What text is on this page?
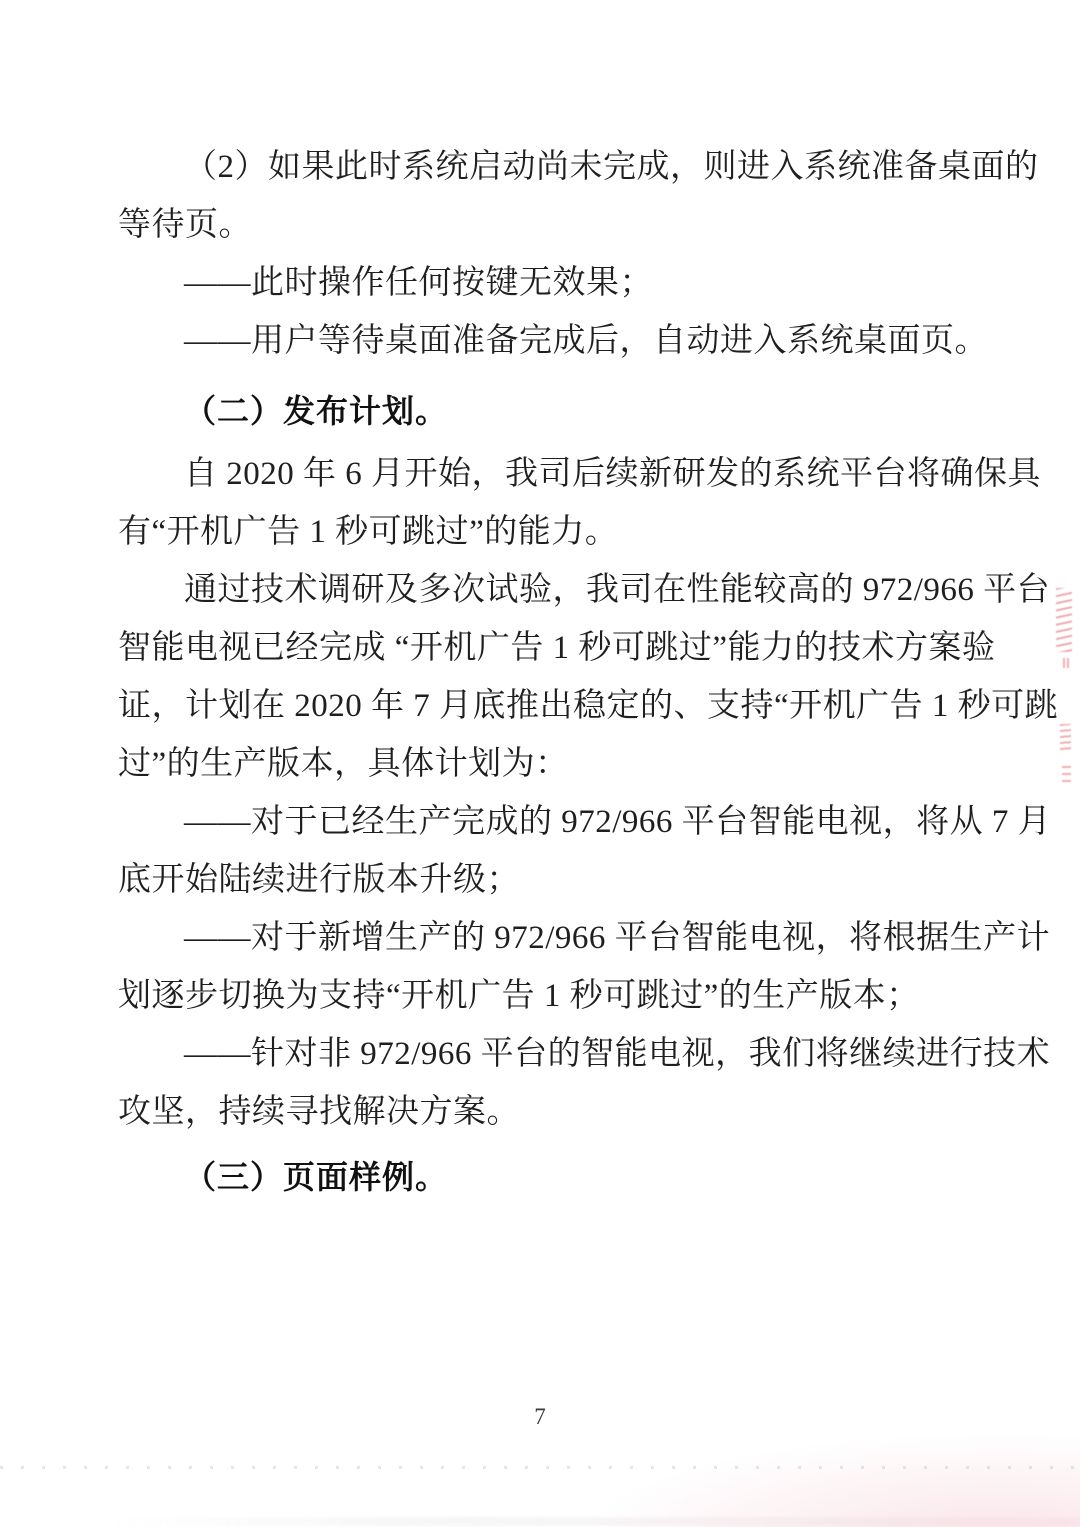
（2）如果此时系统启动尚未完成，则进入系统准备桌面的

等待页。

——此时操作任何按键无效果；

——用户等待桌面准备完成后，自动进入系统桌面页。

（二）发布计划。

自 2020 年 6 月开始，我司后续新研发的系统平台将确保具

有“开机广告 1 秒可跳过”的能力。

通过技术调研及多次试验，我司在性能较高的 972/966 平台

智能电视已经完成 “开机广告 1 秒可跳过”能力的技术方案验

证，计划在 2020 年 7 月底推出稳定的、支持“开机广告 1 秒可跳

过”的生产版本，具体计划为：

——对于已经生产完成的 972/966 平台智能电视，将从 7 月

底开始陆续进行版本升级；

——对于新增生产的 972/966 平台智能电视，将根据生产计

划逐步切换为支持“开机广告 1 秒可跳过”的生产版本；

——针对非 972/966 平台的智能电视，我们将继续进行技术

攻坚，持续寻找解决方案。

（三）页面样例。
7
